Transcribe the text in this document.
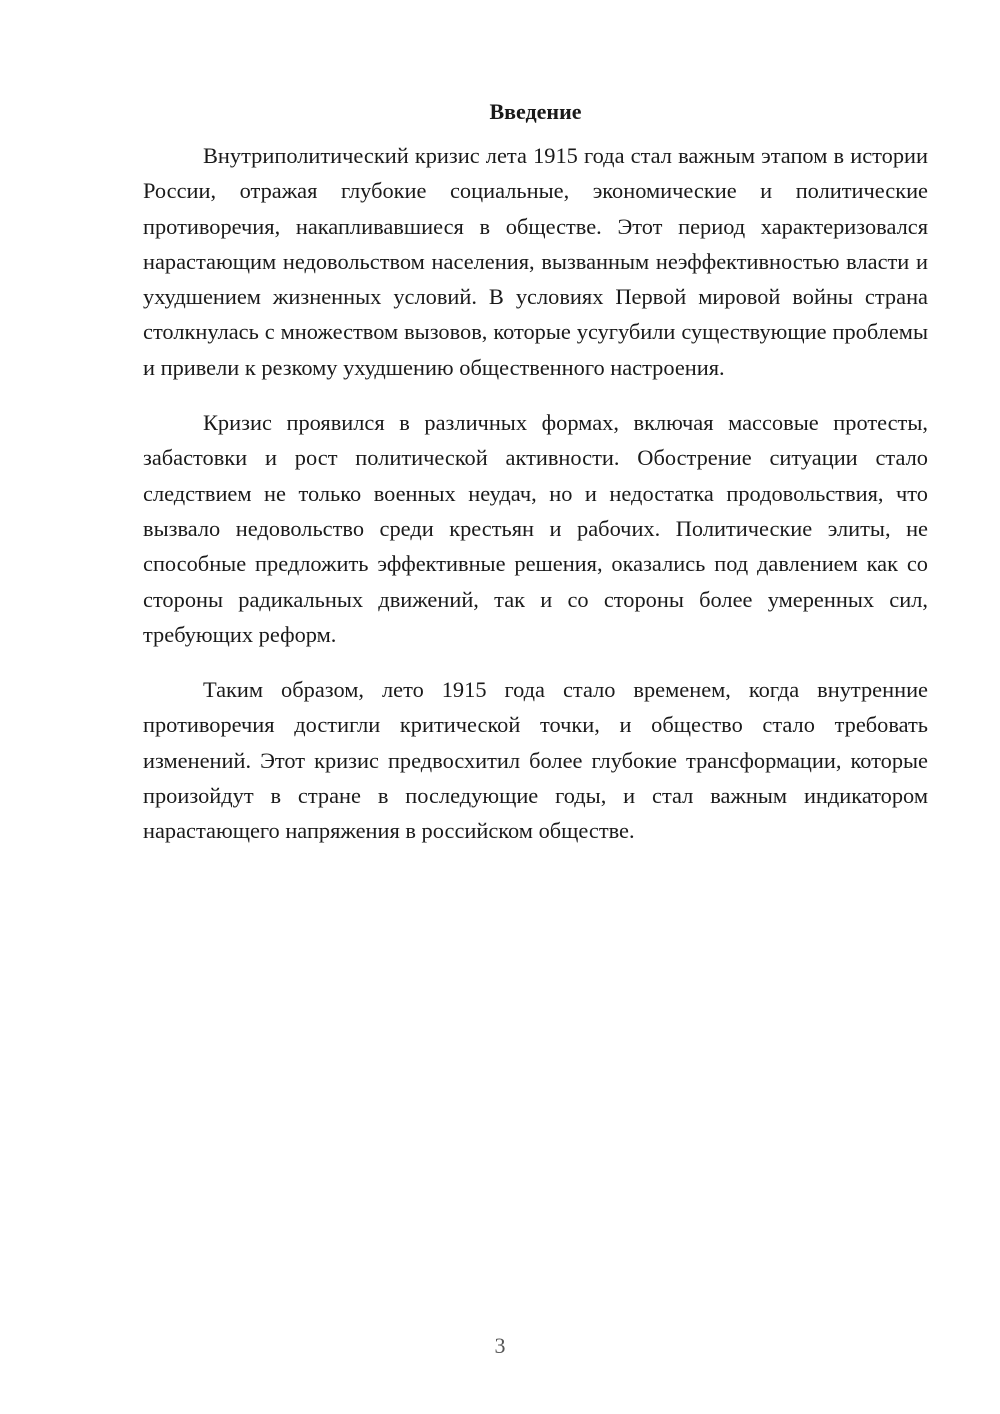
Введение

Внутриполитический кризис лета 1915 года стал важным этапом в истории России, отражая глубокие социальные, экономические и политические противоречия, накапливавшиеся в обществе. Этот период характеризовался нарастающим недовольством населения, вызванным неэффективностью власти и ухудшением жизненных условий. В условиях Первой мировой войны страна столкнулась с множеством вызовов, которые усугубили существующие проблемы и привели к резкому ухудшению общественного настроения.

Кризис проявился в различных формах, включая массовые протесты, забастовки и рост политической активности. Обострение ситуации стало следствием не только военных неудач, но и недостатка продовольствия, что вызвало недовольство среди крестьян и рабочих. Политические элиты, не способные предложить эффективные решения, оказались под давлением как со стороны радикальных движений, так и со стороны более умеренных сил, требующих реформ.

Таким образом, лето 1915 года стало временем, когда внутренние противоречия достигли критической точки, и общество стало требовать изменений. Этот кризис предвосхитил более глубокие трансформации, которые произойдут в стране в последующие годы, и стал важным индикатором нарастающего напряжения в российском обществе.

3
